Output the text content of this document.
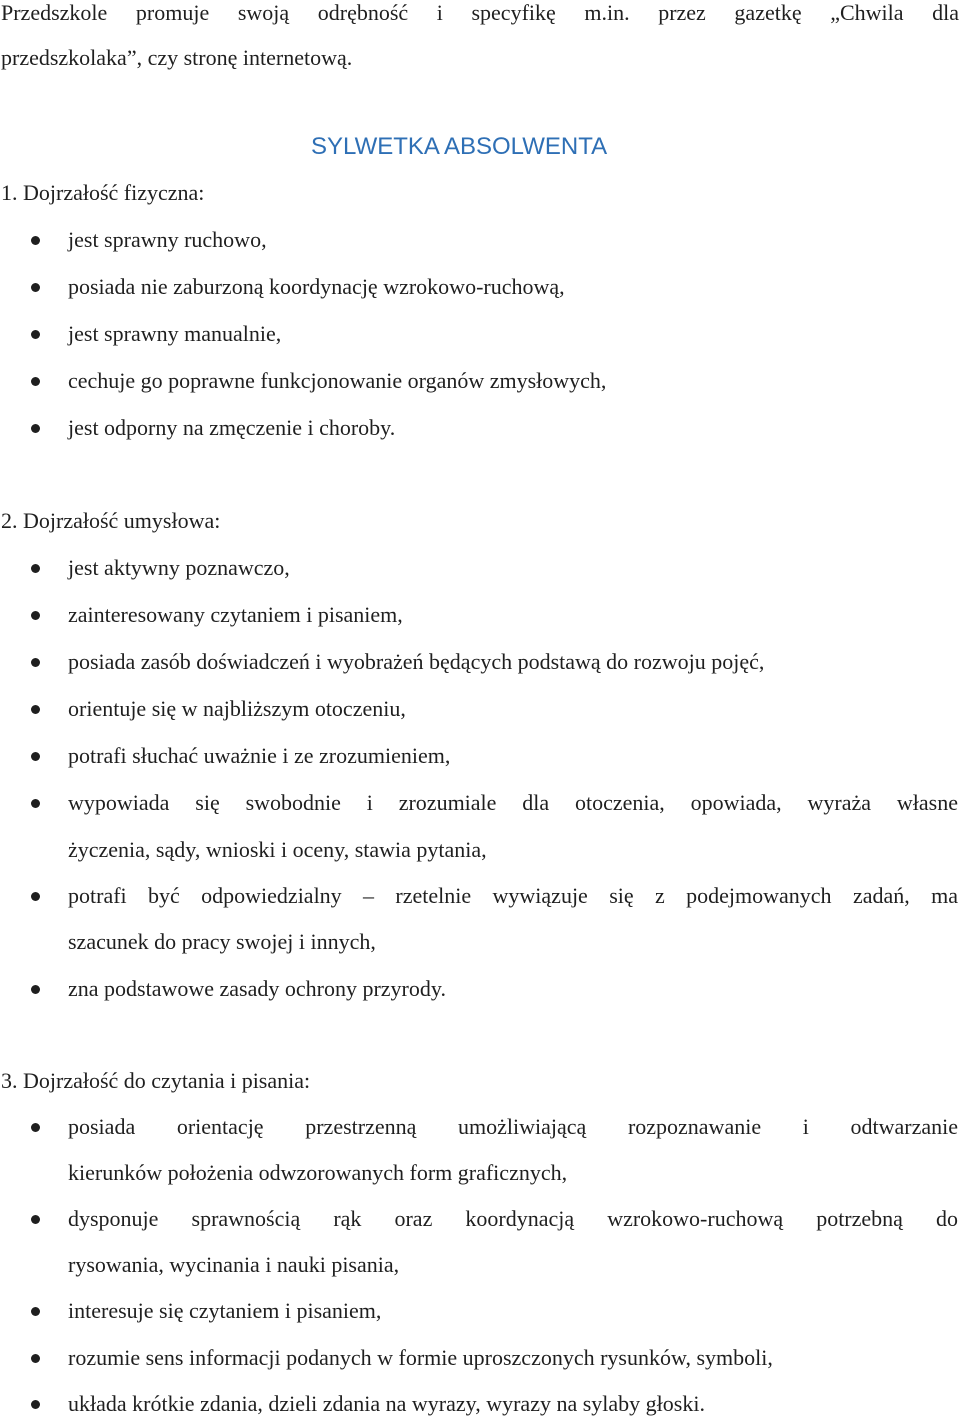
Przedszkole promuje swoją odrębność i specyfikę m.in. przez gazetkę „Chwila dla
przedszkolaka”, czy stronę internetową.
SYLWETKA ABSOLWENTA
1. Dojrzałość fizyczna:
jest sprawny ruchowo,
posiada nie zaburzoną koordynację wzrokowo-ruchową,
jest sprawny manualnie,
cechuje go poprawne funkcjonowanie organów zmysłowych,
jest odporny na zmęczenie i choroby.
2. Dojrzałość umysłowa:
jest aktywny poznawczo,
zainteresowany czytaniem i pisaniem,
posiada zasób doświadczeń i wyobrażeń będących podstawą do rozwoju pojęć,
orientuje się w najbliższym otoczeniu,
potrafi słuchać uważnie i ze zrozumieniem,
wypowiada się swobodnie i zrozumiale dla otoczenia, opowiada, wyraża własne
życzenia, sądy, wnioski i oceny, stawia pytania,
potrafi być odpowiedzialny – rzetelnie wywiązuje się z podejmowanych zadań, ma
szacunek do pracy swojej i innych,
zna podstawowe zasady ochrony przyrody.
3. Dojrzałość do czytania i pisania:
posiada orientację przestrzenną umożliwiającą rozpoznawanie i odtwarzanie
kierunków położenia odwzorowanych form graficznych,
dysponuje sprawnością rąk oraz koordynacją wzrokowo-ruchową potrzebną do
rysowania, wycinania i nauki pisania,
interesuje się czytaniem i pisaniem,
rozumie sens informacji podanych w formie uproszczonych rysunków, symboli,
układa krótkie zdania, dzieli zdania na wyrazy, wyrazy na sylaby głoski.
